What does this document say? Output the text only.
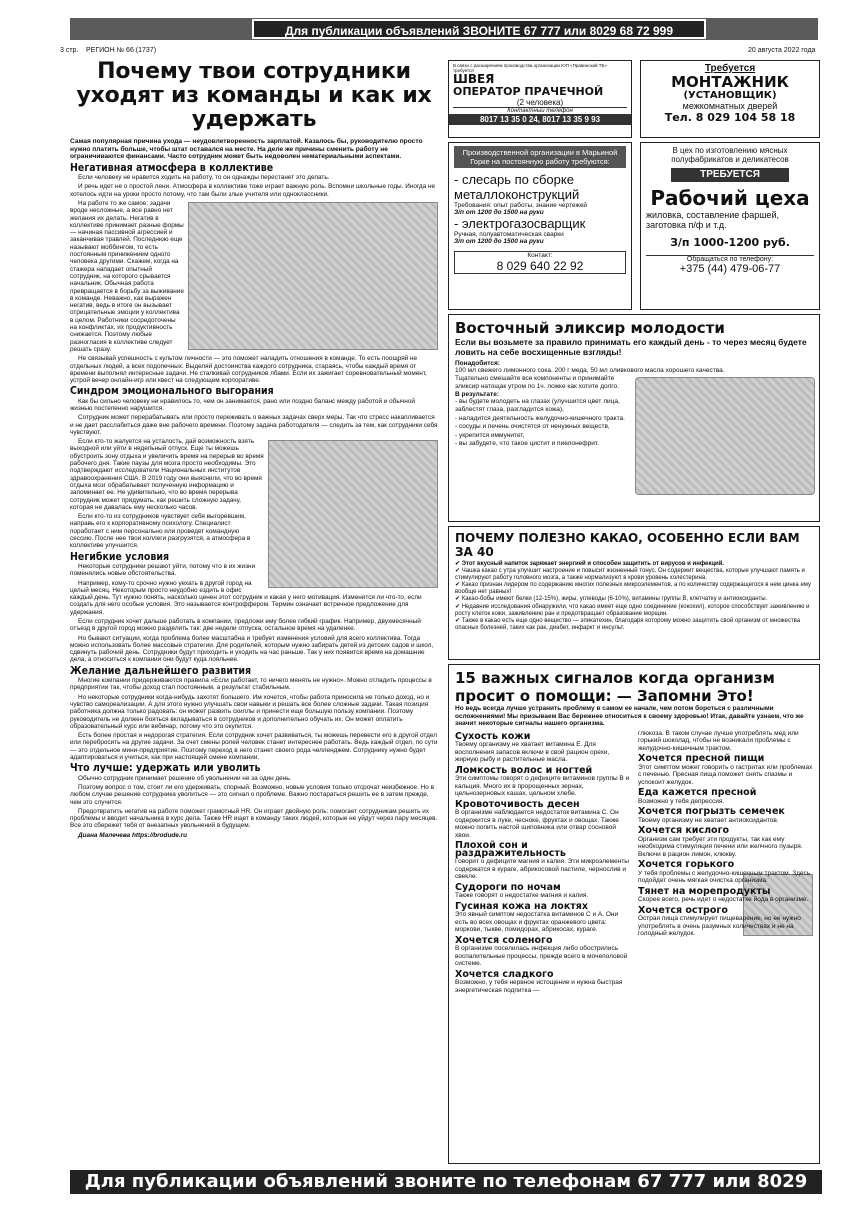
Для публикации объявлений ЗВОНИТЕ 67 777 или 8029 68 72 999
3 стр. РЕГИОН № 66 (1737)	20 августа 2022 года
Почему твои сотрудники уходят из команды и как их удержать
Самая популярная причина ухода — неудовлетворенность зарплатой. Казалось бы, руководителю просто нужно платить больше, чтобы штат оставался на месте. На деле же причины сменить работу не ограничиваются финансами. Часто сотрудник может быть недоволен нематериальными аспектами.
Негативная атмосфера в коллективе

Если человеку не нравится ходить на работу, то он однажды перестанет это делать.

И речь идет не о простой лени. Атмосфера в коллективе тоже играет важную роль. Вспомни школьные годы. Иногда не хотелось идти на уроки просто потому, что там были злые учителя или одноклассники.

На работе то же самое: задачи вроде несложные, а все равно нет желания их делать. Негатив в коллективе принимает разные формы — начиная пассивной агрессией и заканчивая травлей. Последнюю еще называют моббингом, то есть постоянным принижением одного человека другими. Скажем, когда на стажера нападает опытный сотрудник, на которого срывается начальник. Обычная работа превращается в борьбу за выживание в команде. Неважно, как выражен негатив, ведь в итоге он вызывает отрицательные эмоции у коллектива в целом. Работники сосредоточены на конфликтах, их продуктивность снижается. Поэтому любые разногласия в коллективе следует решать сразу.

Не связывай успешность с культом личности — это поможет наладить отношения в команде. То есть поощряй не отдельных людей, а всех подопечных. Выделяй достоинства каждого сотрудника, стараясь, чтобы каждый время от времени выполнял интересные задачи. Не сталкивай сотрудников лбами. Если их зажигает соревновательный момент, устрой вечер онлайн-игр или квест на следующем корпоративе.

Синдром эмоционального выгорания

Как бы сильно человеку ни нравилось то, чем он занимается, рано или поздно баланс между работой и обычной жизнью постепенно нарушится.

Сотрудник может перерабатывать или просто переживать о важных задачах сверх меры. Так что стресс накапливается и не дает расслабиться даже вне рабочего времени. Поэтому задача работодателя — следить за тем, как сотрудники себя чувствуют.

Если кто-то жалуется на усталость, дай возможность взять выходной или уйти в недельный отпуск. Еще ты можешь обустроить зону отдыха и увеличить время на перерыв во время рабочего дня. Такие паузы для мозга просто необходимы. Это подтверждают исследователи Национальных институтов здравоохранения США. В 2019 году они выяснили, что во время отдыха мозг обрабатывает полученную информацию и запоминает ее. Не удивительно, что во время перерыва сотрудник может придумать, как решить сложную задачу, которая не давалась ему несколько часов.

Если кто-то из сотрудников чувствует себя выгоревшим, направь его к корпоративному психологу. Специалист поработает с ним персонально или проведет командную сессию. После нее твои коллеги разгрузятся, а атмосфера в коллективе улучшится.

Негибкие условия

Некоторые сотрудники решают уйти, потому что в их жизни поменялись новые обстоятельства.

Например, кому-то срочно нужно уехать в другой город на целый месяц. Некоторым просто неудобно ездить в офис каждый день. Тут нужно понять, насколько ценен этот сотрудник и какая у него мотивация. Изменится ли что-то, если создать для него особые условия. Это называется контроффером. Термин означает встречное предложение для удержания.

Если сотрудник хочет дальше работать в компании, предложи ему более гибкий график. Например, двухмесячный отъезд в другой город можно разделить так: две недели отпуска, остальное время на удаленке.

Но бывают ситуации, когда проблема более масштабна и требует изменения условий для всего коллектива. Тогда можно использовать более массовые стратегии. Для родителей, которым нужно забирать детей из детских садов и школ, сдвинуть рабочий день. Сотрудники будут приходить и уходить на час раньше. Так у них появится время на домашние дела, а относиться к компании они будут куда лояльнее.

Желание дальнейшего развития

Многие компании придерживаются правила «Если работает, то ничего менять не нужно». Можно отладить процессы в предприятии так, чтобы доход стал постоянным, а результат стабильным.

Но некоторые сотрудники когда-нибудь захотят большего. Им хочется, чтобы работа приносила не только доход, но и чувство самореализации. А для этого нужно улучшать свои навыки и решать все более сложные задачи. Такая позиция работника должна только радовать: он может развить скиллы и принести еще большую пользу компании. Поэтому руководитель не должен бояться вкладываться в сотрудников и дополнительно обучать их. Он может оплатить образовательный курс или вебинар, потому что это окупится.

Есть более простая и недорогая стратегия. Если сотрудник хочет развиваться, ты можешь перевести его в другой отдел или перебросить на другие задачи. За счет смены ролей человек станет интереснее работать. Ведь каждый отдел, по сути — это отдельное мини-предприятие. Поэтому переход в него станет своего рода челленджем. Сотруднику нужно будет адаптироваться и учиться, как при настоящей смене компании.

Что лучше: удержать или уволить

Обычно сотрудник принимает решение об увольнении не за один день.

Поэтому вопрос о том, стоит ли его удерживать, спорный. Возможно, новые условия только отсрочат неизбежное. Но в любом случае решение сотрудника уволиться — это сигнал о проблеме. Важно постараться решить ее в затем прежде, чем это случится.

Предотвратить негатив на работе поможет грамотный HR. Он играет двойную роль: помогает сотрудникам решить их проблемы и вводит начальника в курс дела. Также HR ищет в команду таких людей, которые не уйдут через пару месяцев. Все это сбережет тебя от внезапных увольнений в будущем.

Диана Малечева https://brodude.ru

В связи с расширением производства организации ЮП «Правинский ТБ» требуется
ШВЕЯ
ОПЕРАТОР ПРАЧЕЧНОЙ
(2 человека)
Контактный телефон
8017 13 35 0 24, 8017 13 35 9 93
Требуется
МОНТАЖНИК
(УСТАНОВЩИК)
межкомнатных дверей
Тел. 8 029 104 58 18
Производственной организации в Марьиной Горке на постоянную работу требуются:
- слесарь по сборке металлоконструкций
Требования: опыт работы, знание чертежей
З/п от 1200 до 1500 на руки
- электрогазосварщик
Ручная, полуавтоматическая сварки
З/п от 1200 до 1500 на руки
Контакт:
8 029 640 22 92
В цех по изготовлению мясных полуфабрикатов и деликатесов
ТРЕБУЕТСЯ
Рабочий цеха
жиловка, составление фаршей, заготовка п/ф и т.д.
З/п 1000-1200 руб.
Обращаться по телефону:
+375 (44) 479-06-77
Восточный эликсир молодости
Если вы возьмете за правило принимать его каждый день - то через месяц будете ловить на себе восхищенные взгляды!
Понадобится:
100 мл свежего лимонного сока. 200 г меда, 50 мл оливкового масла хорошего качества.
Тщательно смешайте все компоненты и принимайте эликсир натощак утром по 1ч. ложке как хотите долго.
В результате:
- вы будете молодеть на глазах (улучшится цвет лица, заблестят глаза, разгладится кожа),
- наладится деятельность желудочно-кишечного тракта.
- сосуды и печень очистятся от ненужных веществ,
- укрепится иммунитет,
- вы забудете, что такое цистит и пиелонефрит.
ПОЧЕМУ ПОЛЕЗНО КАКАО, ОСОБЕННО ЕСЛИ ВАМ ЗА 40
✔ Этот вкусный напиток заряжает энергией и способен защитить от вирусов и инфекций.
✔ Чашка какао с утра улучшит настроение и повысит жизненный тонус. Он содержит вещества, которые улучшают память и стимулируют работу головного мозга, а также нормализуют в крови уровень холестерина.
✔ Какао признан лидером по содержанию многих полезных микроэлементов, а по количеству содержащегося в нем цинка ему вообще нет равных!
✔ Какао-бобы имеют белки (12-15%), жиры, углеводы (6-10%), витамины группы В, клетчатку и антиоксиданты.
✔ Недавние исследования обнаружили, что какао имеет еще одно соединение (кокохил), которое способствует заживлению и росту клеток кожи, заживлению ран и предотвращает образование морщин.
✔ Также в какао есть еще одно вещество — эпикатехин, благодаря которому можно защитить свой организм от множества опасных болезней, таких как рак, диабет, инфаркт и инсульт.
15 важных сигналов когда организм просит о помощи: — Запомни Это!
Но ведь всегда лучше устранить проблему в самом ее начале, чем потом бороться с различными осложнениями! Мы призываем Вас бережнее относиться к своему здоровью! Итак, давайте узнаем, что же значит некоторые сигналы нашего организма.
Сухость кожи
Твоему организму не хватает витамина Е. Для восполнения запасов включи в свой рацион орехи, жирную рыбу и растительные масла.
Ломкость волос и ногтей
Эти симптомы говорят о дефиците витаминов группы В и кальция. Много их в пророщенных зернах, цельнозерновых кашах, цельном хлебе.
Кровоточивость десен
В организме наблюдается недостаток витамина С. Он содержится в луке, чесноке, фруктах и овощах. Также можно попить настой шиповника или отвар сосновой хвои.
Плохой сон и раздражительность
Говорит о дефиците магния и калия. Эти микроэлементы содержатся в кураге, абрикосовой пастиле, чернослив и свекле.
Судороги по ночам
Также говорят о недостатке магния и калия.
Гусиная кожа на локтях
Это явный симптом недостатка витаминов С и А. Они есть во всех овощах и фруктах оранжевого цвета: моркови, тыкве, помидорах, абрикосах, кураге.
Хочется соленого
В организме поселилась инфекция либо обострились воспалительные процессы, прежде всего в мочеполовой системе.
Хочется сладкого
Возможно, у тебя нервное истощение и нужна быстрая энергетическая подпитка —
глюкоза. В таком случае лучше употреблять мед или горький шоколад, чтобы не возникали проблемы с желудочно-кишечным трактом.
Хочется пресной пищи
Этот симптом может говорить о гастритах или проблемах с печенью. Пресная пища поможет снять спазмы и успокоит желудок.
Еда кажется пресной
Возможно у тебя депрессия.
Хочется погрызть семечек
Твоему организму не хватает антиоксидантов.
Хочется кислого
Организм сам требует эти продукты, так как ему необходима стимуляция печени или желчного пузыря. Включи в рацион лимон, клюкву.
Хочется горького
У тебя проблемы с желудочно-кишечным трактом. Здесь подойдет очень мягкая очистка организма.
Тянет на морепродукты
Скорее всего, речь идет о недостатке йода в организме.
Хочется острого
Острая пища стимулирует пищеварение, но ее нужно употреблять в очень разумных количествах и не на голодный желудок.
Для публикации объявлений звоните по телефонам 67 777 или 8029 68 72 999
